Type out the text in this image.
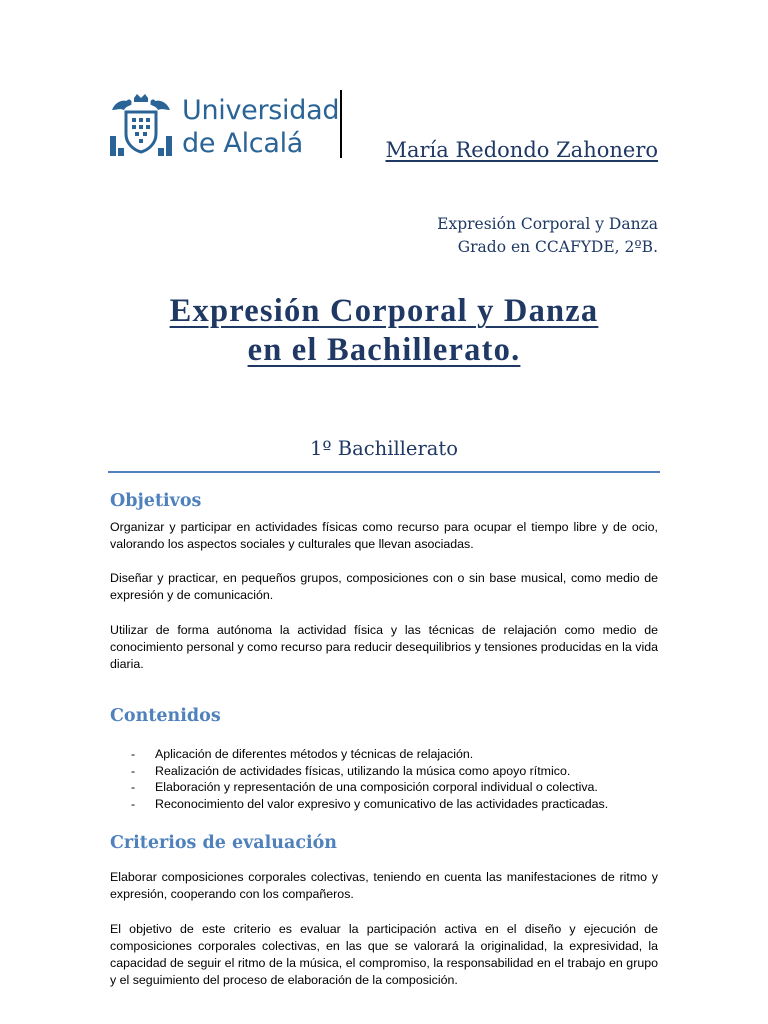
Universidad
de Alcalá	María Redondo Zahonero
Expresión Corporal y Danza
Grado en CCAFYDE, 2ºB.
Expresión Corporal y Danza
en el Bachillerato.
1º Bachillerato
Objetivos

Organizar y participar en actividades físicas como recurso para ocupar el tiempo libre y de ocio, valorando los aspectos sociales y culturales que llevan asociadas.

Diseñar y practicar, en pequeños grupos, composiciones con o sin base musical, como medio de expresión y de comunicación.

Utilizar de forma autónoma la actividad física y las técnicas de relajación como medio de conocimiento personal y como recurso para reducir desequilibrios y tensiones producidas en la vida diaria.

Contenidos
- Aplicación de diferentes métodos y técnicas de relajación.
- Realización de actividades físicas, utilizando la música como apoyo rítmico.
- Elaboración y representación de una composición corporal individual o colectiva.
- Reconocimiento del valor expresivo y comunicativo de las actividades practicadas.
Criterios de evaluación

Elaborar composiciones corporales colectivas, teniendo en cuenta las manifestaciones de ritmo y expresión, cooperando con los compañeros.

El objetivo de este criterio es evaluar la participación activa en el diseño y ejecución de composiciones corporales colectivas, en las que se valorará la originalidad, la expresividad, la capacidad de seguir el ritmo de la música, el compromiso, la responsabilidad en el trabajo en grupo y el seguimiento del proceso de elaboración de la composición.
